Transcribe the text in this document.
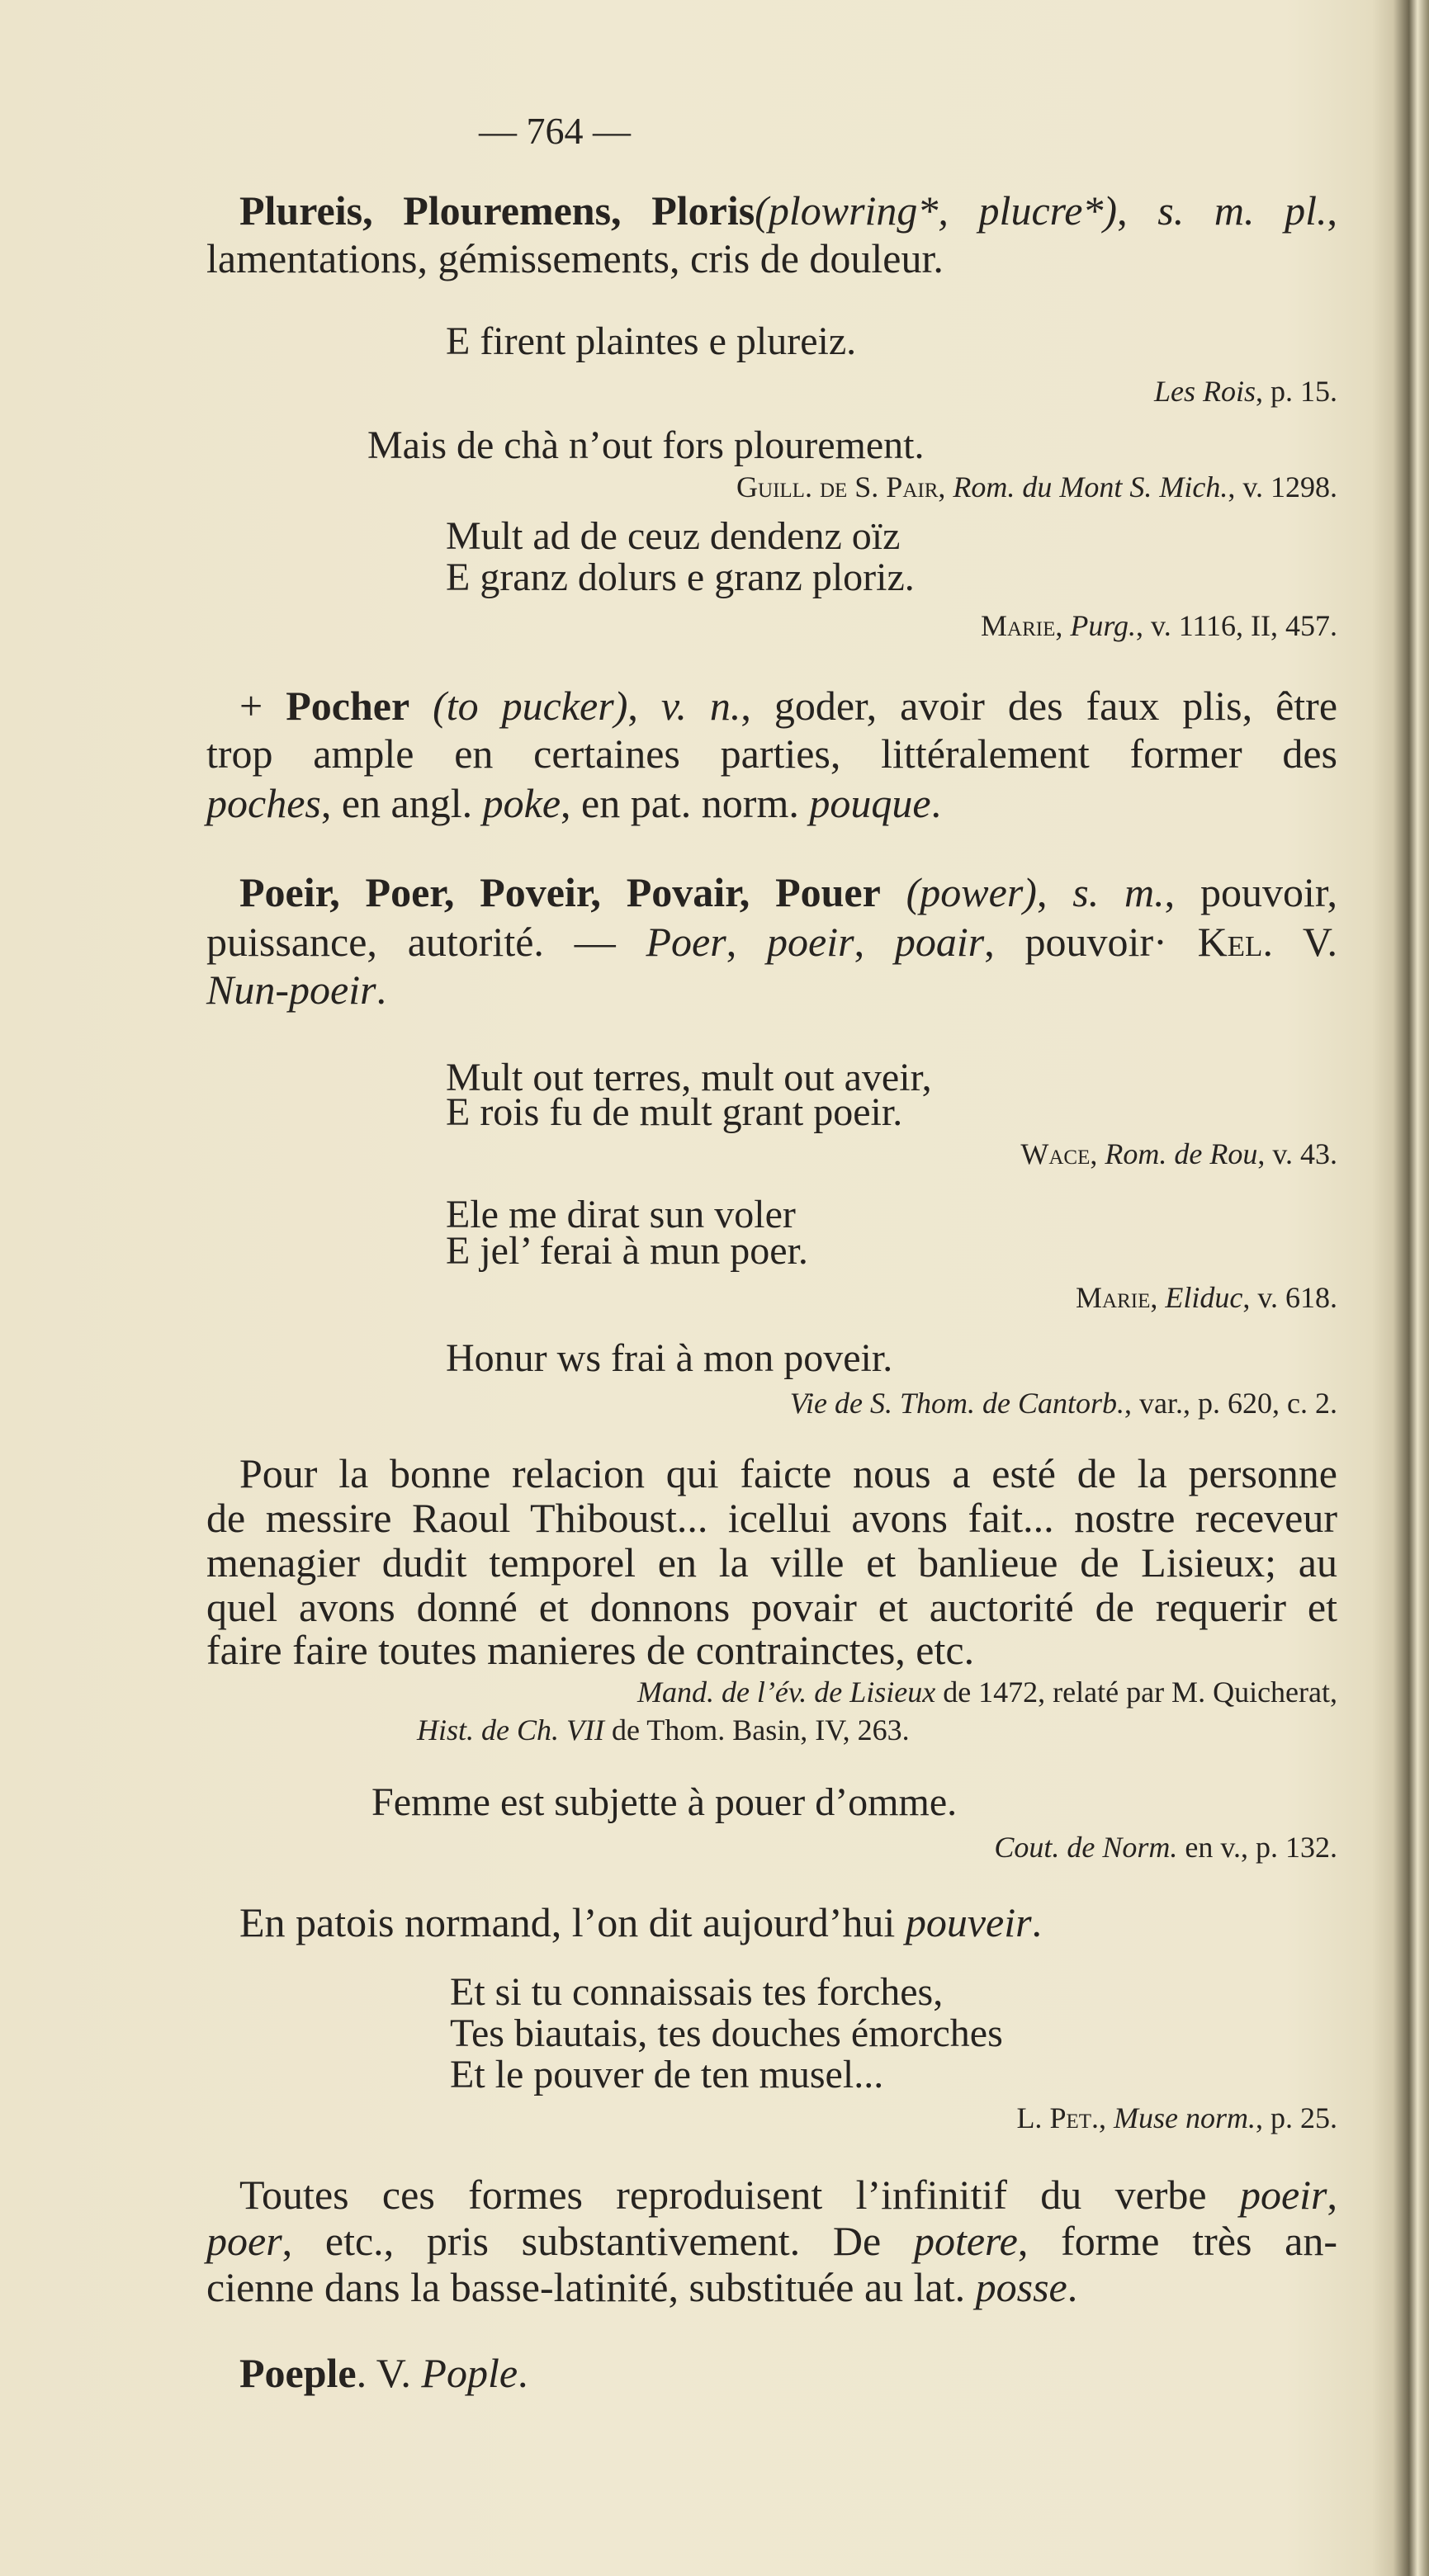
— 764 —
Plureis, Plouremens, Ploris(plowring*, plucre*), s. m. pl.,
lamentations, gémissements, cris de douleur.
E firent plaintes e plureiz.
Les Rois, p. 15.
Mais de chà n’out fors plourement.
Guill. de S. Pair, Rom. du Mont S. Mich., v. 1298.
Mult ad de ceuz dendenz oïz
E granz dolurs e granz ploriz.
Marie, Purg., v. 1116, II, 457.
+ Pocher (to pucker), v. n., goder, avoir des faux plis, être
trop ample en certaines parties, littéralement former des
poches, en angl. poke, en pat. norm. pouque.
Poeir, Poer, Poveir, Povair, Pouer (power), s. m., pouvoir,
puissance, autorité. — Poer, poeir, poair, pouvoir· Kel. V.
Nun-poeir.
Mult out terres, mult out aveir,
E rois fu de mult grant poeir.
Wace, Rom. de Rou, v. 43.
Ele me dirat sun voler
E jel’ ferai à mun poer.
Marie, Eliduc, v. 618.
Honur ws frai à mon poveir.
Vie de S. Thom. de Cantorb., var., p. 620, c. 2.
Pour la bonne relacion qui faicte nous a esté de la personne
de messire Raoul Thiboust... icellui avons fait... nostre receveur
menagier dudit temporel en la ville et banlieue de Lisieux; au
quel avons donné et donnons povair et auctorité de requerir et
faire faire toutes manieres de contrainctes, etc.
Mand. de l’év. de Lisieux de 1472, relaté par M. Quicherat,
Hist. de Ch. VII de Thom. Basin, IV, 263.
Femme est subjette à pouer d’omme.
Cout. de Norm. en v., p. 132.
En patois normand, l’on dit aujourd’hui pouveir.
Et si tu connaissais tes forches,
Tes biautais, tes douches émorches
Et le pouver de ten musel...
L. Pet., Muse norm., p. 25.
Toutes ces formes reproduisent l’infinitif du verbe poeir,
poer, etc., pris substantivement. De potere, forme très an-
cienne dans la basse-latinité, substituée au lat. posse.
Poeple. V. Pople.
